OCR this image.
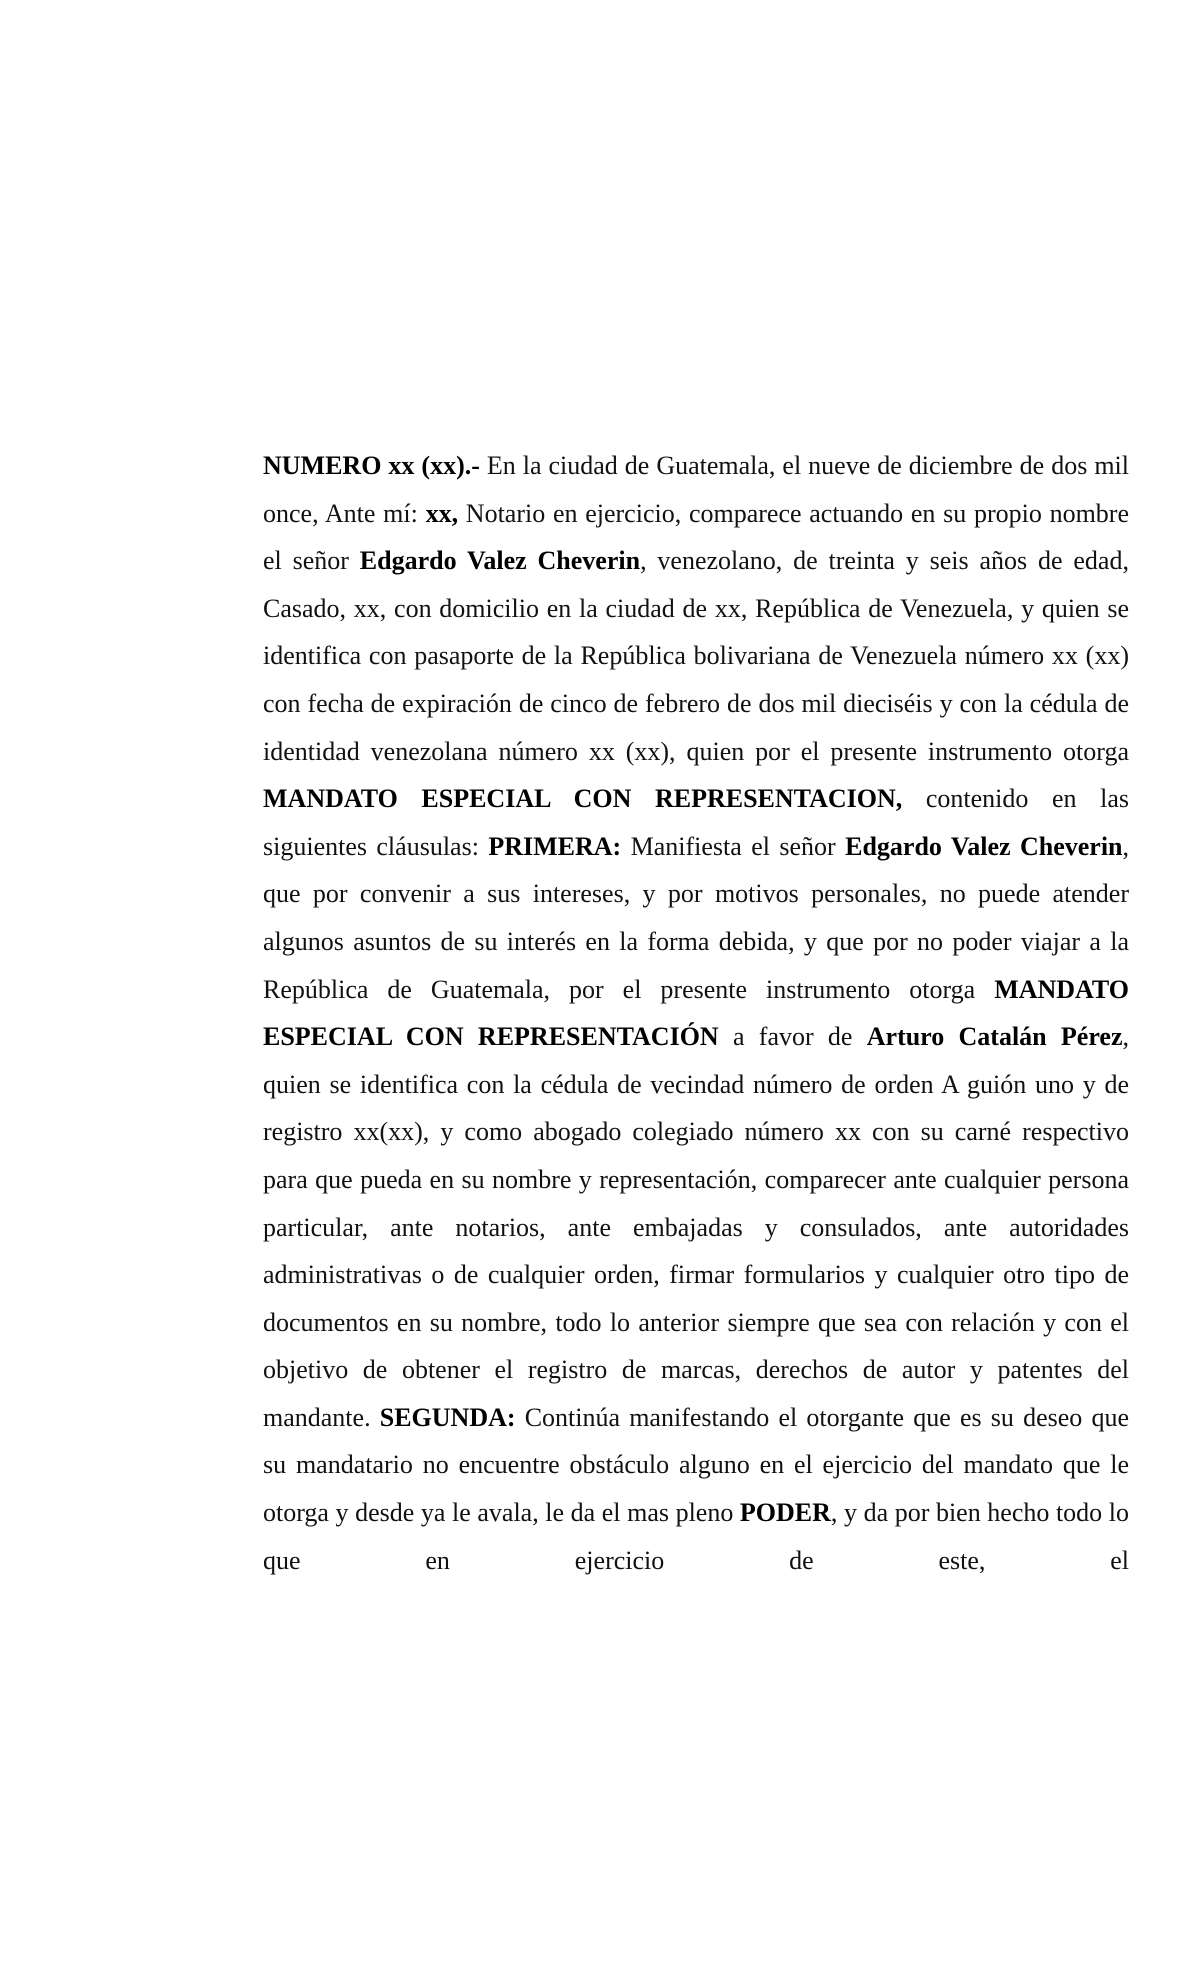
NUMERO xx (xx).- En la ciudad de Guatemala, el nueve de diciembre de dos mil once, Ante mí: xx, Notario en ejercicio, comparece actuando en su propio nombre el señor Edgardo Valez Cheverin, venezolano, de treinta y seis años de edad, Casado, xx, con domicilio en la ciudad de xx, República de Venezuela, y quien se identifica con pasaporte de la República bolivariana de Venezuela número xx (xx) con fecha de expiración de cinco de febrero de dos mil dieciséis y con la cédula de identidad venezolana número xx (xx), quien por el presente instrumento otorga MANDATO ESPECIAL CON REPRESENTACION, contenido en las siguientes cláusulas: PRIMERA: Manifiesta el señor Edgardo Valez Cheverin, que por convenir a sus intereses, y por motivos personales, no puede atender algunos asuntos de su interés en la forma debida, y que por no poder viajar a la República de Guatemala, por el presente instrumento otorga MANDATO ESPECIAL CON REPRESENTACIÓN a favor de Arturo Catalán Pérez, quien se identifica con la cédula de vecindad número de orden A guión uno y de registro xx(xx), y como abogado colegiado número xx con su carné respectivo para que pueda en su nombre y representación, comparecer ante cualquier persona particular, ante notarios, ante embajadas y consulados, ante autoridades administrativas o de cualquier orden, firmar formularios y cualquier otro tipo de documentos en su nombre, todo lo anterior siempre que sea con relación y con el objetivo de obtener el registro de marcas, derechos de autor y patentes del mandante. SEGUNDA: Continúa manifestando el otorgante que es su deseo que su mandatario no encuentre obstáculo alguno en el ejercicio del mandato que le otorga y desde ya le avala, le da el mas pleno PODER, y da por bien hecho todo lo que en ejercicio de este, el
